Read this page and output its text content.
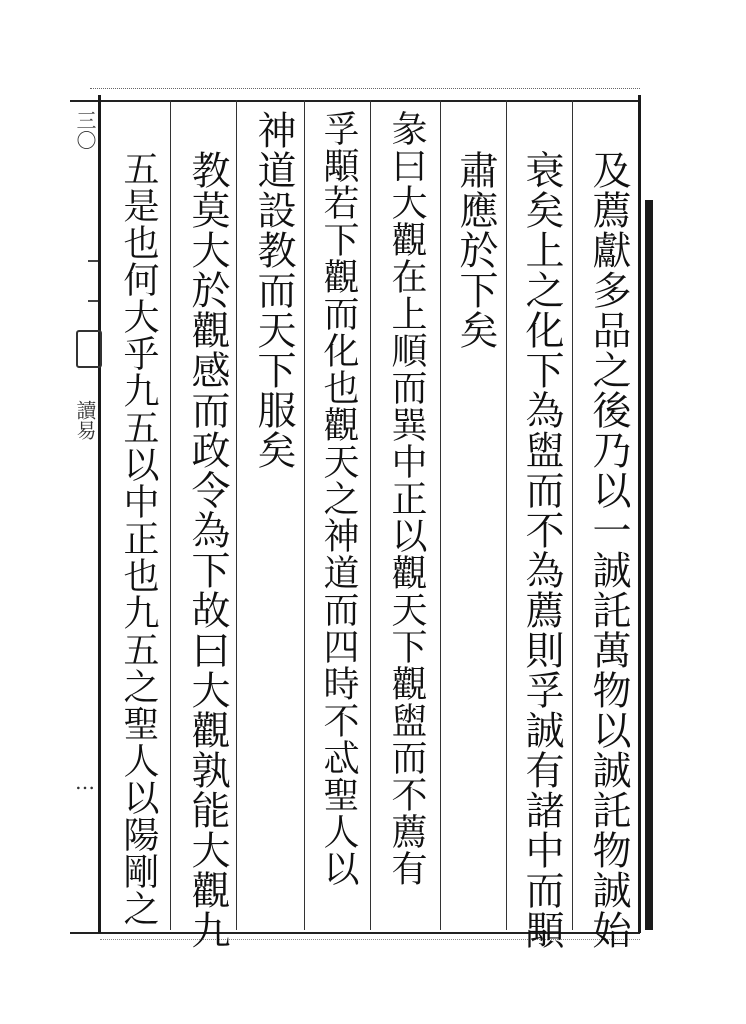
三〇
讀易
…	及薦獻多品之後乃以一誠託萬物以誠託物誠始
衰矣上之化下為盥而不為薦則孚誠有諸中而顒
肅應於下矣
彖曰大觀在上順而巽中正以觀天下觀盥而不薦有
孚顒若下觀而化也觀天之神道而四時不忒聖人以
神道設教而天下服矣
教莫大於觀感而政令為下故曰大觀孰能大觀九
五是也何大乎九五以中正也九五之聖人以陽剛之
